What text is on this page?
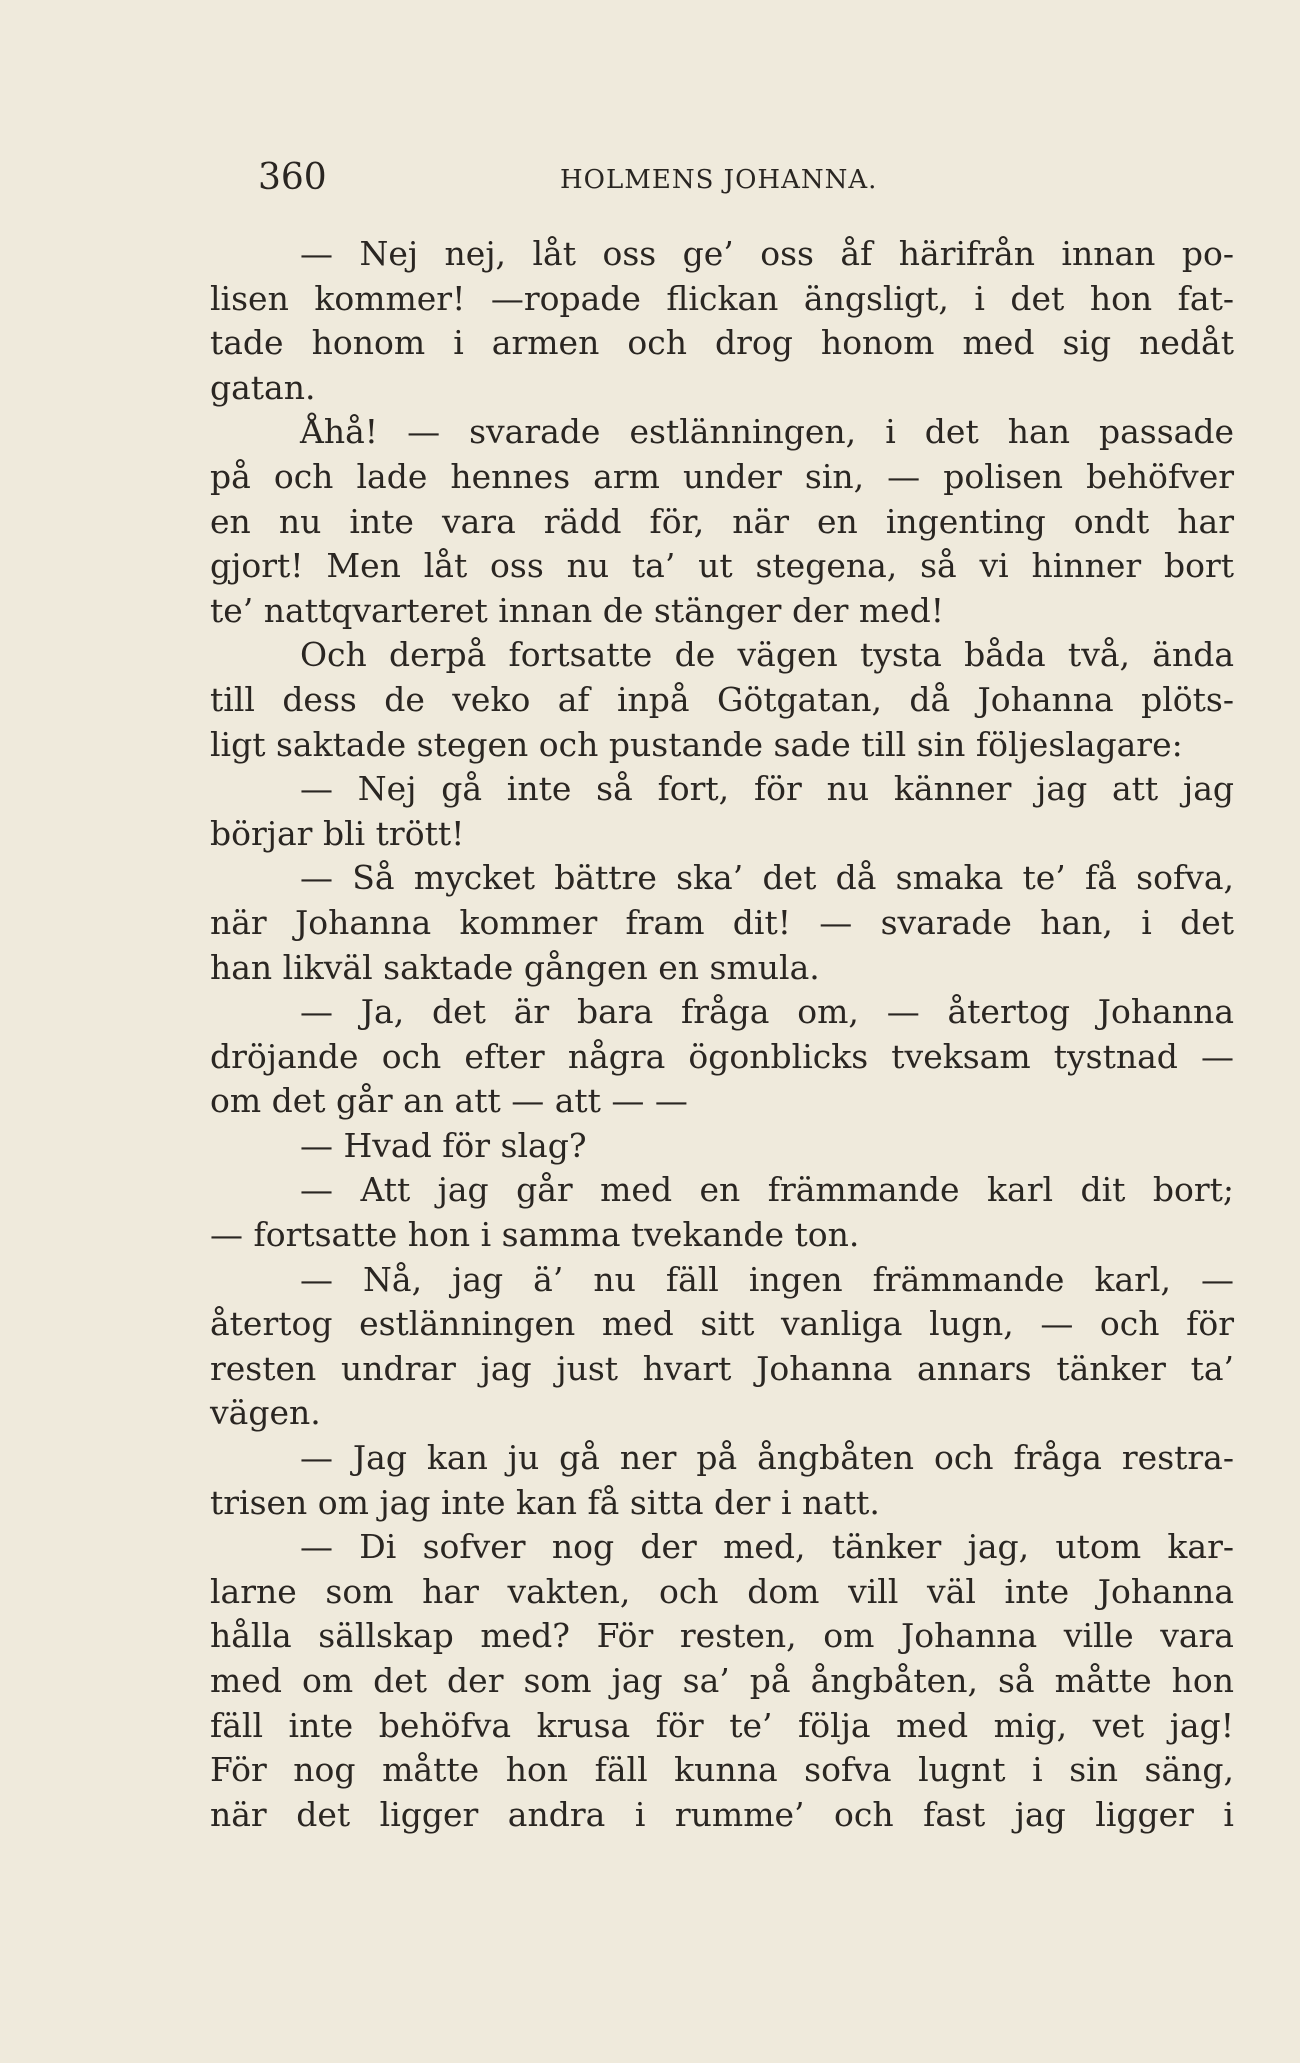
360	HOLMENS JOHANNA.
— Nej nej, låt oss ge’ oss åf härifrån innan po-
lisen kommer! —ropade flickan ängsligt, i det hon fat-
tade honom i armen och drog honom med sig nedåt
gatan.
Åhå! — svarade estlänningen, i det han passade
på och lade hennes arm under sin, — polisen behöfver
en nu inte vara rädd för, när en ingenting ondt har
gjort! Men låt oss nu ta’ ut stegena, så vi hinner bort
te’ nattqvarteret innan de stänger der med!
Och derpå fortsatte de vägen tysta båda två, ända
till dess de veko af inpå Götgatan, då Johanna plöts-
ligt saktade stegen och pustande sade till sin följeslagare:
— Nej gå inte så fort, för nu känner jag att jag
börjar bli trött!
— Så mycket bättre ska’ det då smaka te’ få sofva,
när Johanna kommer fram dit! — svarade han, i det
han likväl saktade gången en smula.
— Ja, det är bara fråga om, — återtog Johanna
dröjande och efter några ögonblicks tveksam tystnad —
om det går an att — att — —
— Hvad för slag?
— Att jag går med en främmande karl dit bort;
— fortsatte hon i samma tvekande ton.
— Nå, jag ä’ nu fäll ingen främmande karl, —
återtog estlänningen med sitt vanliga lugn, — och för
resten undrar jag just hvart Johanna annars tänker ta’
vägen.
— Jag kan ju gå ner på ångbåten och fråga restra-
trisen om jag inte kan få sitta der i natt.
— Di sofver nog der med, tänker jag, utom kar-
larne som har vakten, och dom vill väl inte Johanna
hålla sällskap med? För resten, om Johanna ville vara
med om det der som jag sa’ på ångbåten, så måtte hon
fäll inte behöfva krusa för te’ följa med mig, vet jag!
För nog måtte hon fäll kunna sofva lugnt i sin säng,
när det ligger andra i rumme’ och fast jag ligger i
